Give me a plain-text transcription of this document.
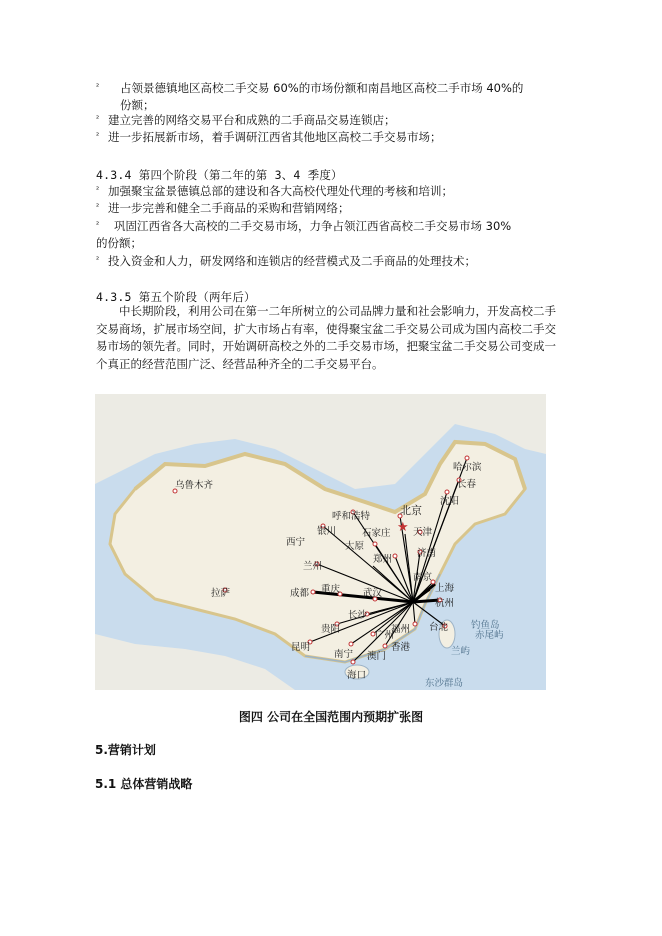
² 占领景德镇地区高校二手交易 60%的市场份额和南昌地区高校二手市场 40%的
份额；
² 建立完善的网络交易平台和成熟的二手商品交易连锁店；
² 进一步拓展新市场，着手调研江西省其他地区高校二手交易市场；
4.3.4 第四个阶段（第二年的第 3、4 季度）
² 加强聚宝盆景德镇总部的建设和各大高校代理处代理的考核和培训；
² 进一步完善和健全二手商品的采购和营销网络；
² 巩固江西省各大高校的二手交易市场，力争占领江西省高校二手交易市场 30%
的份额；
² 投入资金和人力，研发网络和连锁店的经营模式及二手商品的处理技术；
4.3.5 第五个阶段（两年后）
中长期阶段，利用公司在第一二年所树立的公司品牌力量和社会影响力，开发高校二手交易商场，扩展市场空间，扩大市场占有率，使得聚宝盆二手交易公司成为国内高校二手交易市场的领先者。同时，开始调研高校之外的二手交易市场，把聚宝盆二手交易公司变成一个真正的经营范围广泛、经营品种齐全的二手交易平台。
★
乌鲁木齐
哈尔滨
长春
沈阳
北京
天津
呼和浩特
银川	石家庄
太原
济南
西宁
兰州
郑州
南京
上海
杭州
成都 重庆 武汉
拉萨
长沙
贵阳	福州 台北
昆明
南宁
广州
香港
澳门
海口
钓鱼岛
赤尾屿
兰屿
东沙群岛
图四 公司在全国范围内预期扩张图
5.营销计划
5.1 总体营销战略
